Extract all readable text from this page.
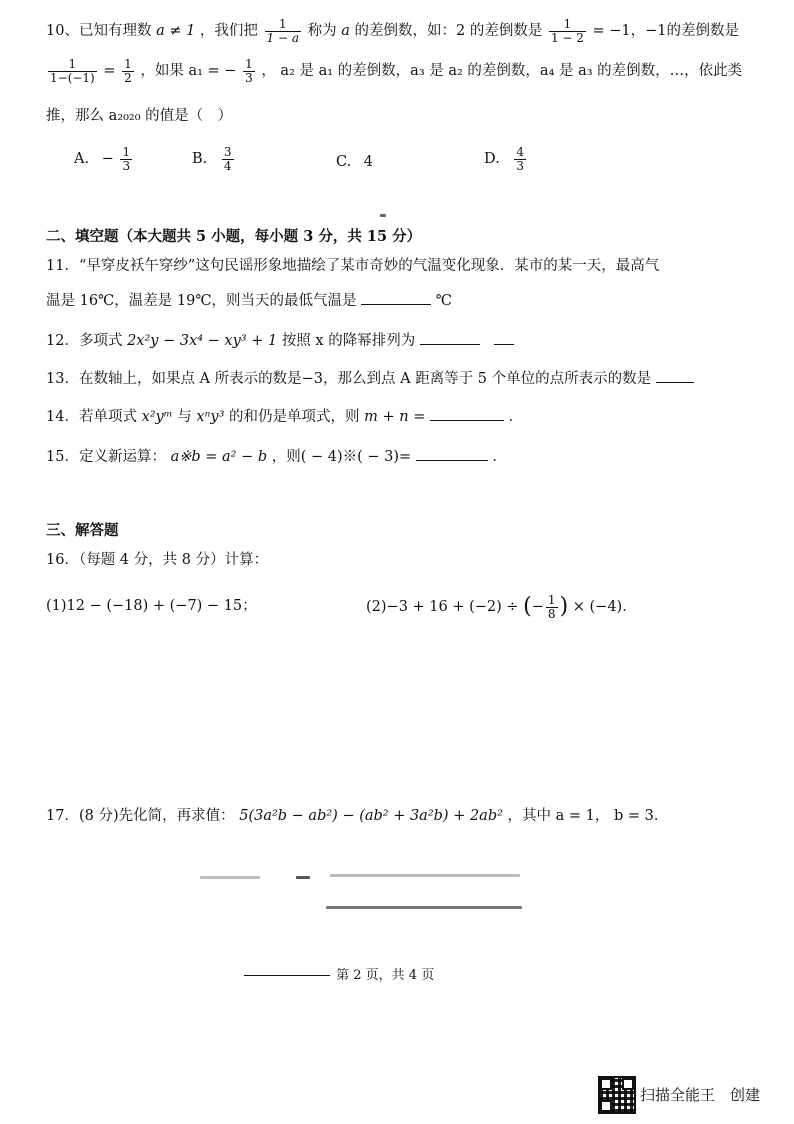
10、已知有理数 a ≠ 1 ，我们把 $\frac{1}{1 - a}$ 称为 a 的差倒数，如：2 的差倒数是 $\frac{1}{1 - 2} = -1$，−1的差倒数是
$\frac{1}{1-(-1)} = \frac{1}{2}$ ，如果 a₁ = − $\frac{1}{3}$ ， a₂ 是 a₁ 的差倒数，a₃ 是 a₂ 的差倒数，a₄ 是 a₃ 的差倒数，…，依此类
推，那么 a₂₀₂₀ 的值是（　）
A. − $\frac{1}{3}$	B. $\frac{3}{4}$	C. 4	D. $\frac{4}{3}$
二、填空题（本大题共 5 小题，每小题 3 分，共 15 分）
11．“早穿皮袄午穿纱”这句民谣形象地描绘了某市奇妙的气温变化现象．某市的某一天，最高气
温是 16℃，温差是 19℃，则当天的最低气温是	℃
12．多项式 2x²y − 3x⁴ − xy³ + 1 按照 x 的降幂排列为
13．在数轴上，如果点 A 所表示的数是−3，那么到点 A 距离等于 5 个单位的点所表示的数是
14．若单项式 x²yᵐ 与 xⁿy³ 的和仍是单项式，则 m + n =	．
15．定义新运算： a※b = a² − b ，则( − 4)※( − 3)=	．
三、解答题
16．（每题 4 分，共 8 分）计算：
(1)12 − (−18) + (−7) − 15；	(2)−3 + 16 + (−2) ÷ (− $\frac{1}{8}$ ) × (−4)．
17．(8 分)先化简，再求值： 5(3a²b − ab²) − (ab² + 3a²b) + 2ab² ，其中 a = 1， b = 3．
第 2 页，共 4 页
扫描全能王　创建
